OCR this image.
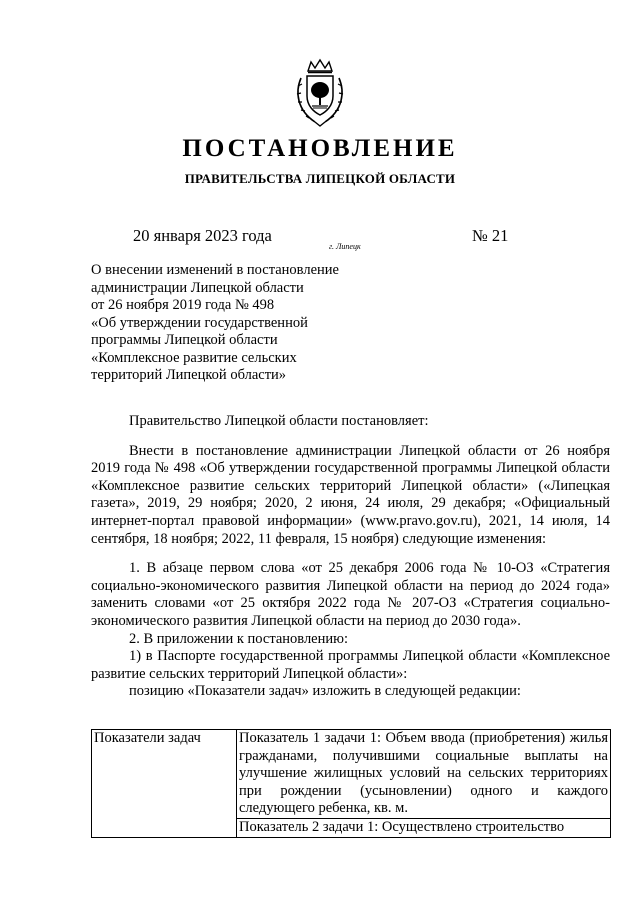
ПОСТАНОВЛЕНИЕ
ПРАВИТЕЛЬСТВА ЛИПЕЦКОЙ ОБЛАСТИ
20 января 2023 года
г. Липецк
№ 21
О внесении изменений в постановление
администрации Липецкой области
от 26 ноября 2019 года № 498
«Об утверждении государственной
программы Липецкой области
«Комплексное развитие сельских
территорий Липецкой области»

Правительство Липецкой области постановляет:

Внести в постановление администрации Липецкой области от 26 ноября 2019 года № 498 «Об утверждении государственной программы Липецкой области «Комплексное развитие сельских территорий Липецкой области» («Липецкая газета», 2019, 29 ноября; 2020, 2 июня, 24 июля, 29 декабря; «Официальный интернет-портал правовой информации» (www.pravo.gov.ru), 2021, 14 июля, 14 сентября, 18 ноября; 2022, 11 февраля, 15 ноября) следующие изменения:

1. В абзаце первом слова «от 25 декабря 2006 года № 10-ОЗ «Стратегия социально-экономического развития Липецкой области на период до 2024 года» заменить словами «от 25 октября 2022 года № 207-ОЗ «Стратегия социально-экономического развития Липецкой области на период до 2030 года».

2. В приложении к постановлению:

1) в Паспорте государственной программы Липецкой области «Комплексное развитие сельских территорий Липецкой области»:

позицию «Показатели задач» изложить в следующей редакции:

Показатели задач	Показатель 1 задачи 1: Объем ввода (приобретения) жилья гражданами, получившими социальные выплаты на улучшение жилищных условий на сельских территориях при рождении (усыновлении) одного и каждого следующего ребенка, кв. м.
Показатель 2 задачи 1: Осуществлено строительство
